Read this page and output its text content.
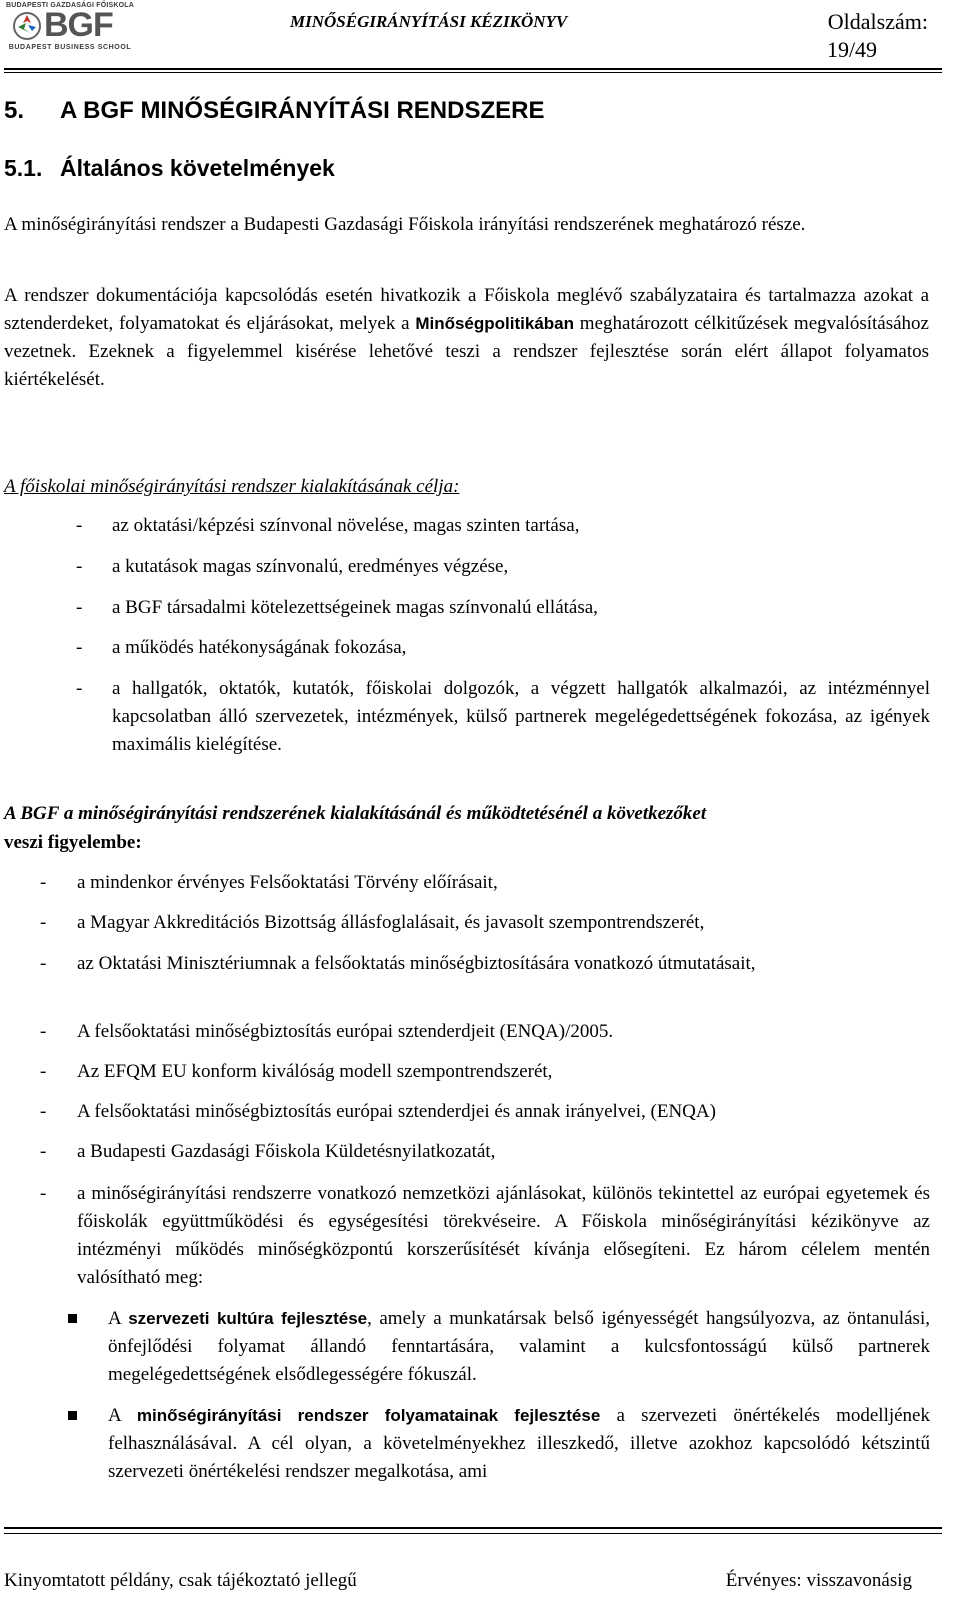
BUDAPESTI GAZDASÁGI FŐISKOLA
BGF
BUDAPEST BUSINESS SCHOOL
MINŐSÉGIRÁNYÍTÁSI KÉZIKÖNYV	Oldalszám:
19/49
5. A BGF MINŐSÉGIRÁNYÍTÁSI RENDSZERE
5.1. Általános követelmények
A minőségirányítási rendszer a Budapesti Gazdasági Főiskola irányítási rendszerének meghatározó része.
A rendszer dokumentációja kapcsolódás esetén hivatkozik a Főiskola meglévő szabályzataira és tartalmazza azokat a sztenderdeket, folyamatokat és eljárásokat, melyek a Minőségpolitikában meghatározott célkitűzések megvalósításához vezetnek. Ezeknek a figyelemmel kisérése lehetővé teszi a rendszer fejlesztése során elért állapot folyamatos kiértékelését.
A főiskolai minőségirányítási rendszer kialakításának célja:
- az oktatási/képzési színvonal növelése, magas szinten tartása,
- a kutatások magas színvonalú, eredményes végzése,
- a BGF társadalmi kötelezettségeinek magas színvonalú ellátása,
- a működés hatékonyságának fokozása,
- a hallgatók, oktatók, kutatók, főiskolai dolgozók, a végzett hallgatók alkalmazói, az intézménnyel kapcsolatban álló szervezetek, intézmények, külső partnerek megelégedettségének fokozása, az igények maximális kielégítése.
A BGF a minőségirányítási rendszerének kialakításánál és működtetésénél a következőket
veszi figyelembe:
- a mindenkor érvényes Felsőoktatási Törvény előírásait,
- a Magyar Akkreditációs Bizottság állásfoglalásait, és javasolt szempontrendszerét,
- az Oktatási Minisztériumnak a felsőoktatás minőségbiztosítására vonatkozó útmutatásait,
- A felsőoktatási minőségbiztosítás európai sztenderdjeit (ENQA)/2005.
- Az EFQM EU konform kiválóság modell szempontrendszerét,
- A felsőoktatási minőségbiztosítás európai sztenderdjei és annak irányelvei, (ENQA)
- a Budapesti Gazdasági Főiskola Küldetésnyilatkozatát,
- a minőségirányítási rendszerre vonatkozó nemzetközi ajánlásokat, különös tekintettel az európai egyetemek és főiskolák együttműködési és egységesítési törekvéseire. A Főiskola minőségirányítási kézikönyve az intézményi működés minőségközpontú korszerűsítését kívánja elősegíteni. Ez három célelem mentén valósítható meg:
A szervezeti kultúra fejlesztése, amely a munkatársak belső igényességét hangsúlyozva, az öntanulási, önfejlődési folyamat állandó fenntartására, valamint a kulcsfontosságú külső partnerek megelégedettségének elsődlegességére fókuszál.
A minőségirányítási rendszer folyamatainak fejlesztése a szervezeti önértékelés modelljének felhasználásával. A cél olyan, a követelményekhez illeszkedő, illetve azokhoz kapcsolódó kétszintű szervezeti önértékelési rendszer megalkotása, ami
Kinyomtatott példány, csak tájékoztató jellegű	Érvényes: visszavonásig
